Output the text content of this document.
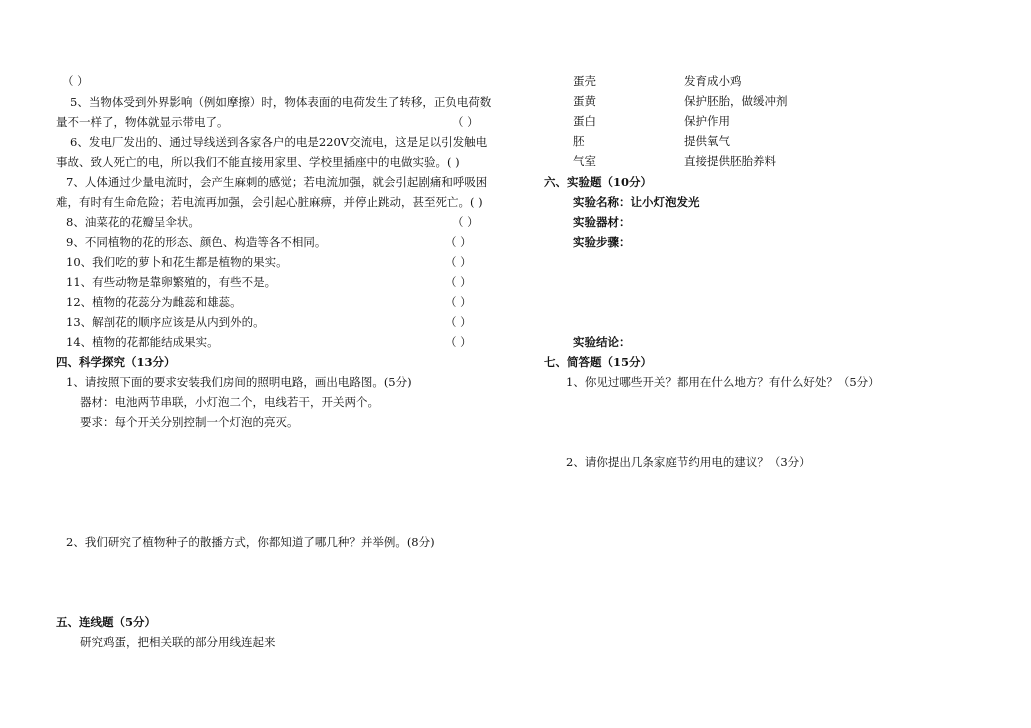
（ ）
5、当物体受到外界影响（例如摩擦）时，物体表面的电荷发生了转移，正负电荷数
量不一样了，物体就显示带电了。	（ ）
6、发电厂发出的、通过导线送到各家各户的电是220V交流电，这是足以引发触电
事故、致人死亡的电，所以我们不能直接用家里、学校里插座中的电做实验。( )
7、人体通过少量电流时，会产生麻刺的感觉；若电流加强，就会引起剧痛和呼吸困
难，有时有生命危险；若电流再加强，会引起心脏麻痹，并停止跳动，甚至死亡。( )
8、油菜花的花瓣呈伞状。	（ ）
9、不同植物的花的形态、颜色、构造等各不相同。	（ ）
10、我们吃的萝卜和花生都是植物的果实。	（ ）
11、有些动物是靠卵繁殖的，有些不是。	（ ）
12、植物的花蕊分为雌蕊和雄蕊。	（ ）
13、解剖花的顺序应该是从内到外的。	（ ）
14、植物的花都能结成果实。	（ ）
四、科学探究（13分）
1、请按照下面的要求安装我们房间的照明电路，画出电路图。(5分)
器材：电池两节串联，小灯泡二个，电线若干，开关两个。
要求：每个开关分别控制一个灯泡的亮灭。
2、我们研究了植物种子的散播方式，你都知道了哪几种？并举例。(8分)
五、连线题（5分）
研究鸡蛋，把相关联的部分用线连起来
蛋壳	发育成小鸡
蛋黄	保护胚胎，做缓冲剂
蛋白	保护作用
胚	提供氧气
气室	直接提供胚胎养料
六、实验题（10分）
实验名称：让小灯泡发光
实验器材：
实验步骤：
实验结论：
七、简答题（15分）
1、你见过哪些开关？都用在什么地方？有什么好处？（5分）
2、请你提出几条家庭节约用电的建议？（3分）
